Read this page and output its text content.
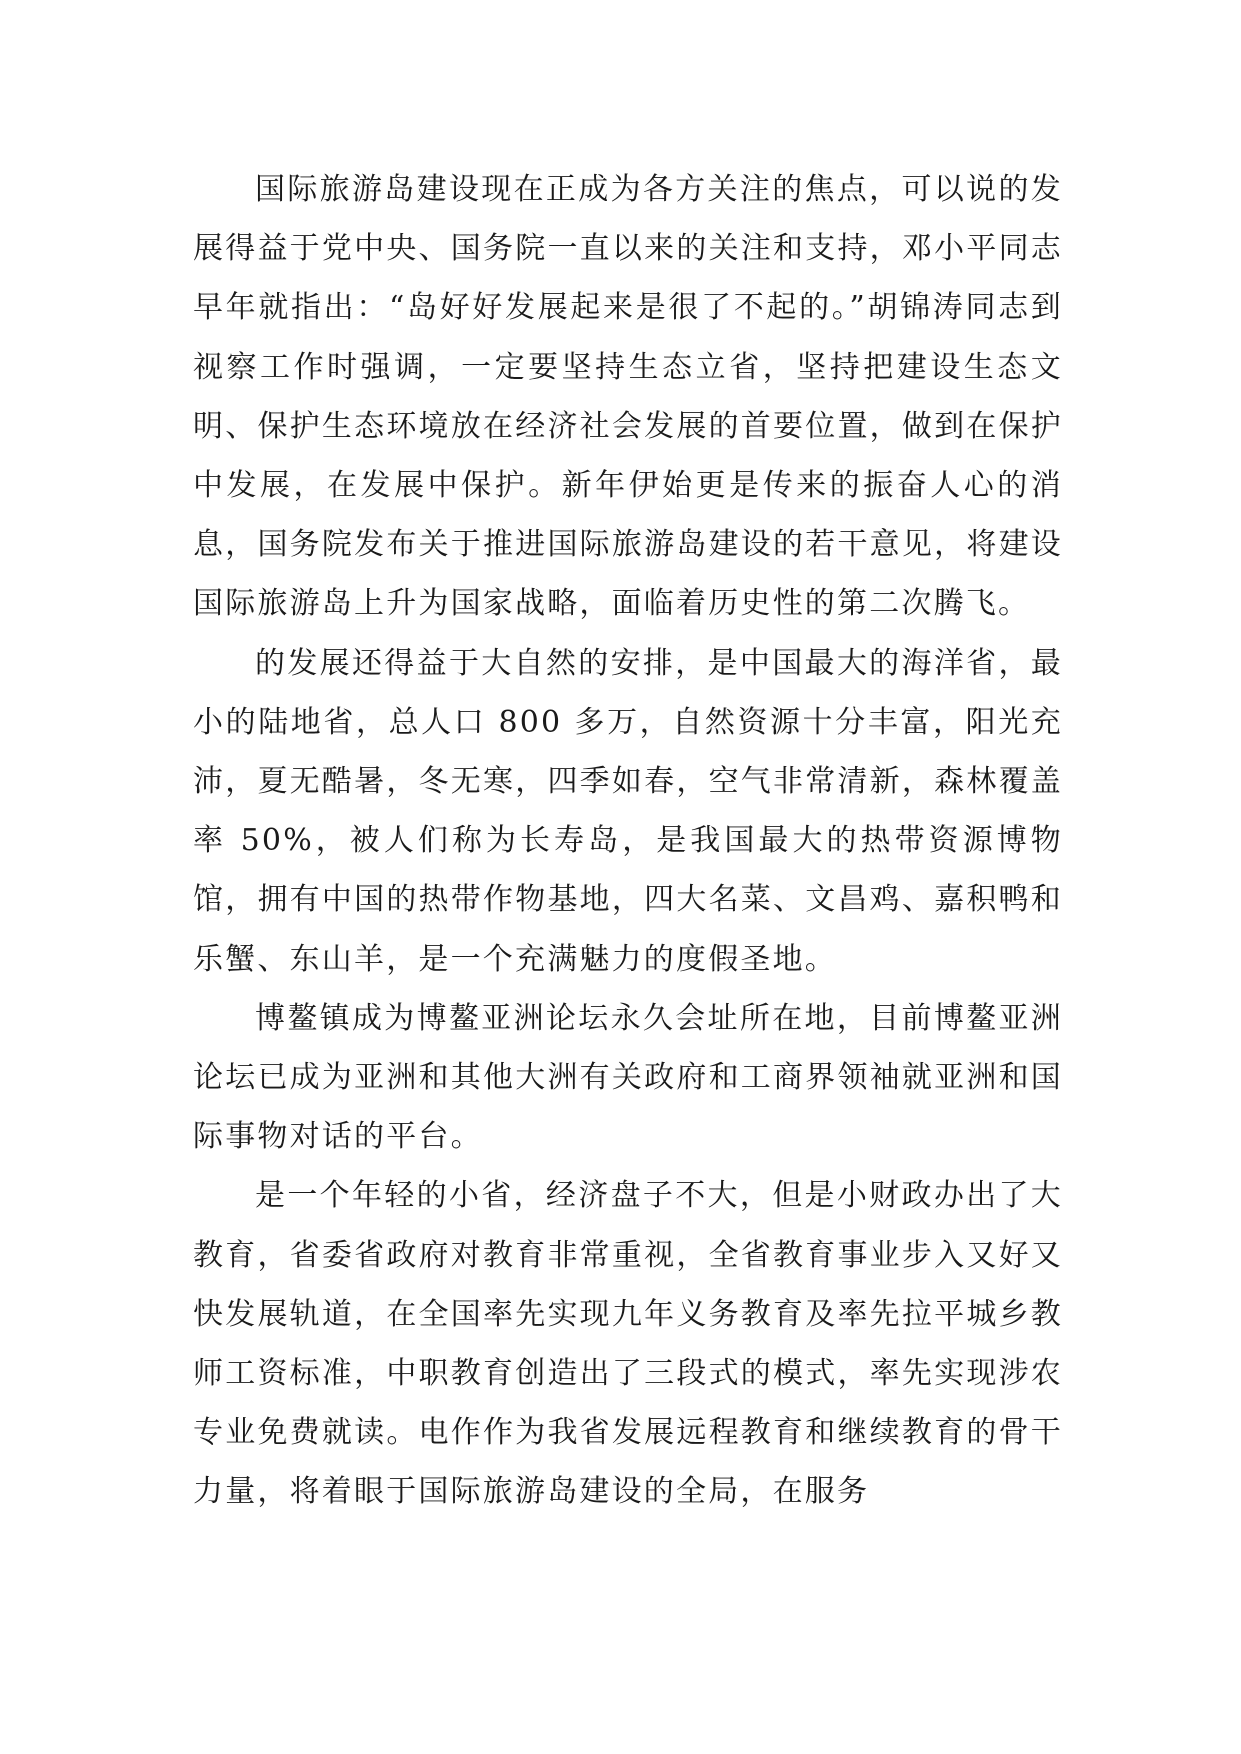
国际旅游岛建设现在正成为各方关注的焦点，可以说的发展得益于党中央、国务院一直以来的关注和支持，邓小平同志早年就指出：“岛好好发展起来是很了不起的。”胡锦涛同志到视察工作时强调，一定要坚持生态立省，坚持把建设生态文明、保护生态环境放在经济社会发展的首要位置，做到在保护中发展，在发展中保护。新年伊始更是传来的振奋人心的消息，国务院发布关于推进国际旅游岛建设的若干意见，将建设国际旅游岛上升为国家战略，面临着历史性的第二次腾飞。

的发展还得益于大自然的安排，是中国最大的海洋省，最小的陆地省，总人口 800 多万，自然资源十分丰富，阳光充沛，夏无酷暑，冬无寒，四季如春，空气非常清新，森林覆盖率 50%，被人们称为长寿岛，是我国最大的热带资源博物馆，拥有中国的热带作物基地，四大名菜、文昌鸡、嘉积鸭和乐蟹、东山羊，是一个充满魅力的度假圣地。

博鳌镇成为博鳌亚洲论坛永久会址所在地，目前博鳌亚洲论坛已成为亚洲和其他大洲有关政府和工商界领袖就亚洲和国际事物对话的平台。

是一个年轻的小省，经济盘子不大，但是小财政办出了大教育，省委省政府对教育非常重视，全省教育事业步入又好又快发展轨道，在全国率先实现九年义务教育及率先拉平城乡教师工资标准，中职教育创造出了三段式的模式，率先实现涉农专业免费就读。电作作为我省发展远程教育和继续教育的骨干力量，将着眼于国际旅游岛建设的全局，在服务
